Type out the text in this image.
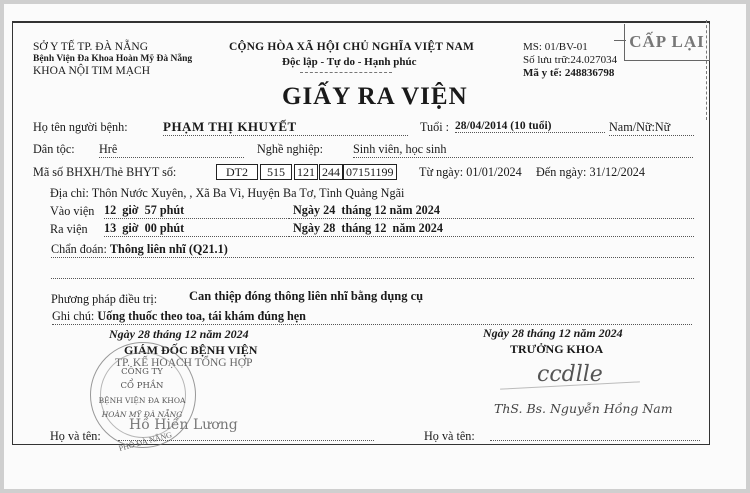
SỞ Y TẾ TP. ĐÀ NẴNG
Bệnh Viện Đa Khoa Hoàn Mỹ Đà Nẵng
KHOA NỘI TIM MẠCH
CỘNG HÒA XÃ HỘI CHỦ NGHĨA VIỆT NAM
Độc lập - Tự do - Hạnh phúc
GIẤY RA VIỆN
MS: 01/BV-01
Số lưu trữ:24.027034
Mã y tế: 248836798
CẤP LẠI
Họ tên người bệnh:	PHẠM THỊ KHUYẾT	Tuổi : 28/04/2014 (10 tuổi)	Nam/Nữ:Nữ
Dân tộc: Hrê	Nghề nghiệp: Sinh viên, học sinh
Mã số BHXH/Thẻ BHYT số:	DT2	515	121 244 07151199 Từ ngày: 01/01/2024 Đến ngày: 31/12/2024
Địa chỉ: Thôn Nước Xuyên, , Xã Ba Vì, Huyện Ba Tơ, Tỉnh Quảng Ngãi
Vào viện 12  giờ  57 phút	Ngày 24  tháng 12 năm 2024
Ra viện 13  giờ  00 phút	Ngày 28  tháng 12  năm 2024
Chẩn đoán: Thông liên nhĩ (Q21.1)
Phương pháp điều trị:	Can thiệp đóng thông liên nhĩ bằng dụng cụ
Ghi chú: Uống thuốc theo toa, tái khám đúng hẹn
Ngày 28 tháng 12 năm 2024
GIÁM ĐỐC BỆNH VIỆN
TP. KẾ HOẠCH TỔNG HỢP
CÔNG TY
CỔ PHẦN
BỆNH VIỆN ĐA KHOA
HOÀN MỸ ĐÀ NẴNG
PHỐ ĐÀ NẴNG
Hồ Hiền Lương
Họ và tên:
Ngày 28 tháng 12 năm 2024
TRƯỞNG KHOA
ccdlle
ThS. Bs. Nguyễn Hồng Nam
Họ và tên:
